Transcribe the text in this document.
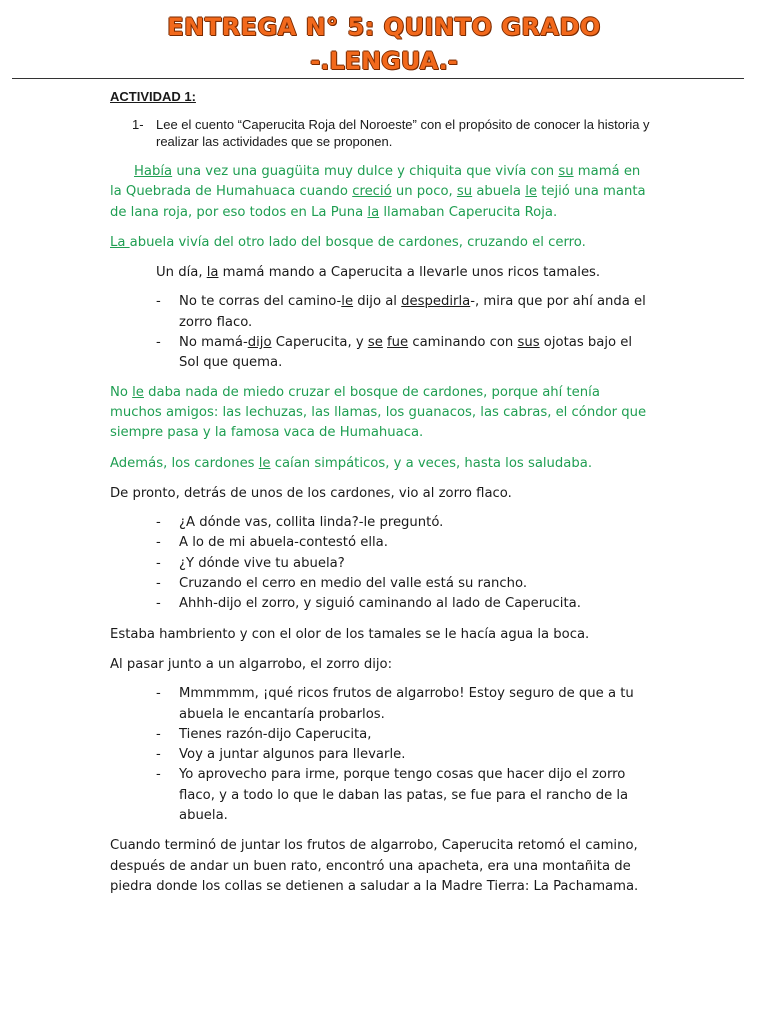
ENTREGA N° 5: QUINTO GRADO
-.LENGUA.-

ACTIVIDAD 1:

1- Lee el cuento “Caperucita Roja del Noroeste” con el propósito de conocer la historia y realizar las actividades que se proponen.

Había una vez una guagüita muy dulce y chiquita que vivía con su mamá en la Quebrada de Humahuaca cuando creció un poco, su abuela le tejió una manta de lana roja, por eso todos en La Puna la llamaban Caperucita Roja.

La abuela vivía del otro lado del bosque de cardones, cruzando el cerro.

Un día, la mamá mando a Caperucita a llevarle unos ricos tamales.

-	No te corras del camino-le dijo al despedirla-, mira que por ahí anda el zorro flaco.
-	No mamá-dijo Caperucita, y se fue caminando con sus ojotas bajo el Sol que quema.

No le daba nada de miedo cruzar el bosque de cardones, porque ahí tenía muchos amigos: las lechuzas, las llamas, los guanacos, las cabras, el cóndor que siempre pasa y la famosa vaca de Humahuaca.

Además, los cardones le caían simpáticos, y a veces, hasta los saludaba.

De pronto, detrás de unos de los cardones, vio al zorro flaco.

-	¿A dónde vas, collita linda?-le preguntó.
-	A lo de mi abuela-contestó ella.
-	¿Y dónde vive tu abuela?
-	Cruzando el cerro en medio del valle está su rancho.
-	Ahhh-dijo el zorro, y siguió caminando al lado de Caperucita.

Estaba hambriento y con el olor de los tamales se le hacía agua la boca.

Al pasar junto a un algarrobo, el zorro dijo:

-	Mmmmmm, ¡qué ricos frutos de algarrobo! Estoy seguro de que a tu abuela le encantaría probarlos.
-	Tienes razón-dijo Caperucita,
-	Voy a juntar algunos para llevarle.
-	Yo aprovecho para irme, porque tengo cosas que hacer dijo el zorro flaco, y a todo lo que le daban las patas, se fue para el rancho de la abuela.

Cuando terminó de juntar los frutos de algarrobo, Caperucita retomó el camino, después de andar un buen rato, encontró una apacheta, era una montañita de piedra donde los collas se detienen a saludar a la Madre Tierra: La Pachamama.
